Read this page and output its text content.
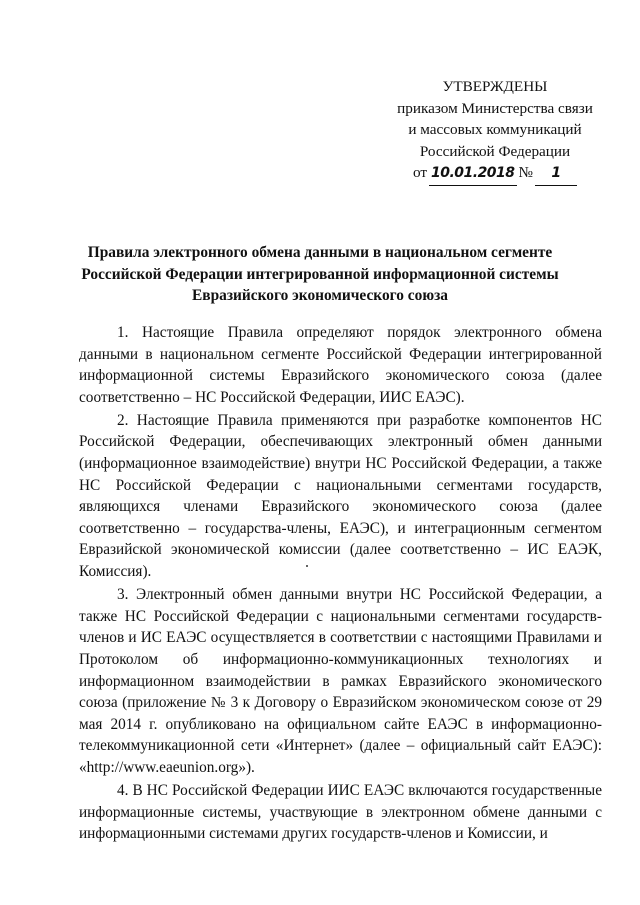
УТВЕРЖДЕНЫ
приказом Министерства связи
и массовых коммуникаций
Российской Федерации
от 10.01.2018 №	1
Правила электронного обмена данными в национальном сегменте
Российской Федерации интегрированной информационной системы
Евразийского экономического союза

1. Настоящие Правила определяют порядок электронного обмена данными в национальном сегменте Российской Федерации интегрированной информационной системы Евразийского экономического союза (далее соответственно – НС Российской Федерации, ИИС ЕАЭС).

2. Настоящие Правила применяются при разработке компонентов НС Российской Федерации, обеспечивающих электронный обмен данными (информационное взаимодействие) внутри НС Российской Федерации, а также НС Российской Федерации с национальными сегментами государств, являющихся членами Евразийского экономического союза (далее соответственно – государства-члены, ЕАЭС), и интеграционным сегментом Евразийской экономической комиссии (далее соответственно – ИС ЕАЭК, Комиссия).

3. Электронный обмен данными внутри НС Российской Федерации, а также НС Российской Федерации с национальными сегментами государств-членов и ИС ЕАЭС осуществляется в соответствии с настоящими Правилами и Протоколом об информационно-коммуникационных технологиях и информационном взаимодействии в рамках Евразийского экономического союза (приложение № 3 к Договору о Евразийском экономическом союзе от 29 мая 2014 г. опубликовано на официальном сайте ЕАЭС в информационно-телекоммуникационной сети «Интернет» (далее – официальный сайт ЕАЭС): «http://www.eaeunion.org»).

4. В НС Российской Федерации ИИС ЕАЭС включаются государственные информационные системы, участвующие в электронном обмене данными с информационными системами других государств-членов и Комиссии, и
